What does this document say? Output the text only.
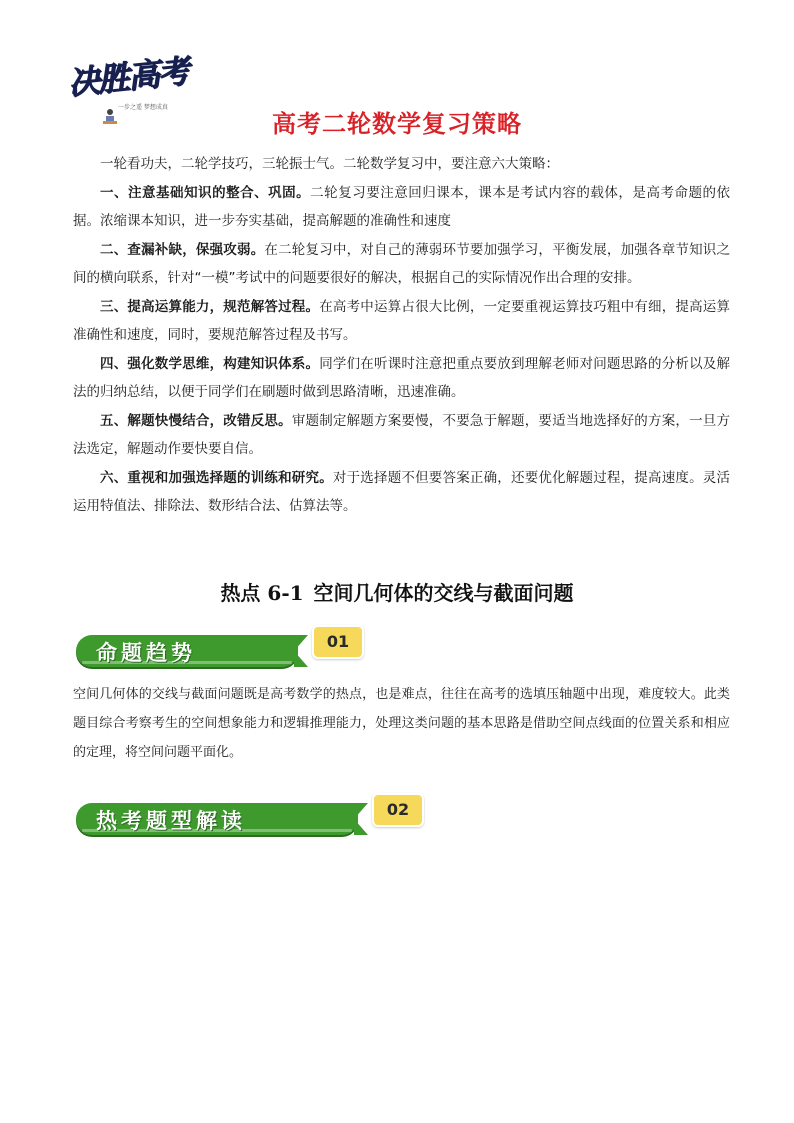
决胜高考
一步之遥 梦想成真
高考二轮数学复习策略

一轮看功夫，二轮学技巧，三轮振士气。二轮数学复习中，要注意六大策略：

一、注意基础知识的整合、巩固。二轮复习要注意回归课本，课本是考试内容的载体，是高考命题的依据。浓缩课本知识，进一步夯实基础，提高解题的准确性和速度

二、查漏补缺，保强攻弱。在二轮复习中，对自己的薄弱环节要加强学习，平衡发展，加强各章节知识之间的横向联系，针对“一模”考试中的问题要很好的解决，根据自己的实际情况作出合理的安排。

三、提高运算能力，规范解答过程。在高考中运算占很大比例，一定要重视运算技巧粗中有细，提高运算准确性和速度，同时，要规范解答过程及书写。

四、强化数学思维，构建知识体系。同学们在听课时注意把重点要放到理解老师对问题思路的分析以及解法的归纳总结，以便于同学们在刷题时做到思路清晰，迅速准确。

五、解题快慢结合，改错反思。审题制定解题方案要慢，不要急于解题，要适当地选择好的方案，一旦方法选定，解题动作要快要自信。

六、重视和加强选择题的训练和研究。对于选择题不但要答案正确，还要优化解题过程，提高速度。灵活运用特值法、排除法、数形结合法、估算法等。

热点 6-1 空间几何体的交线与截面问题
命题趋势	01

空间几何体的交线与截面问题既是高考数学的热点，也是难点，往往在高考的选填压轴题中出现，难度较大。此类题目综合考察考生的空间想象能力和逻辑推理能力，处理这类问题的基本思路是借助空间点线面的位置关系和相应的定理，将空间问题平面化。

热考题型解读	02
